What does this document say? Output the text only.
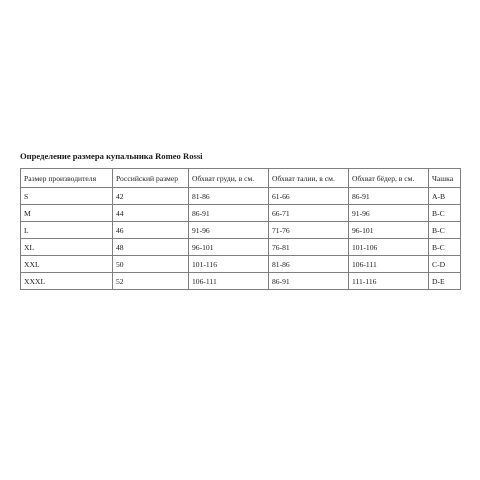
Определение размера купальника Romeo Rossi
Размер производителя	Российский размер	Обхват груди, в см.	Обхват талии, в см.	Обхват бёдер, в см.	Чашка
S	42	81-86	61-66	86-91	A-B
M	44	86-91	66-71	91-96	B-C
L	46	91-96	71-76	96-101	B-C
XL	48	96-101	76-81	101-106	B-C
XXL	50	101-116	81-86	106-111	C-D
XXXL	52	106-111	86-91	111-116	D-E
